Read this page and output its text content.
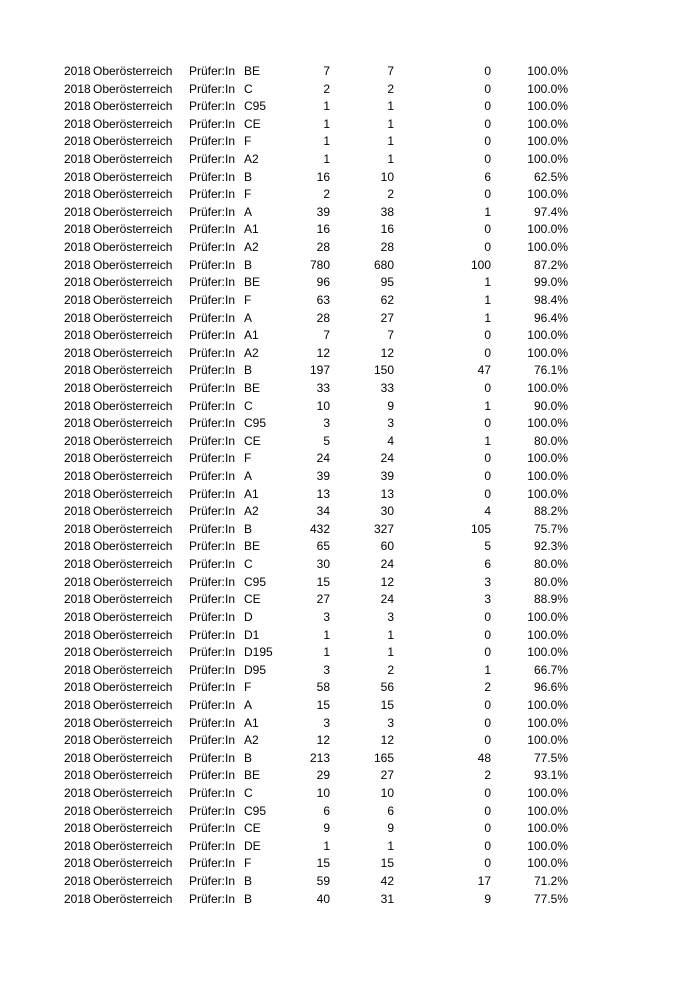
2018 Oberösterreich Prüfer:In BE	7	7	0	100.0%
2018 Oberösterreich Prüfer:In C	2	2	0	100.0%
2018 Oberösterreich Prüfer:In C95	1	1	0	100.0%
2018 Oberösterreich Prüfer:In CE	1	1	0	100.0%
2018 Oberösterreich Prüfer:In F	1	1	0	100.0%
2018 Oberösterreich Prüfer:In A2	1	1	0	100.0%
2018 Oberösterreich Prüfer:In B	16	10	6	62.5%
2018 Oberösterreich Prüfer:In F	2	2	0	100.0%
2018 Oberösterreich Prüfer:In A	39	38	1	97.4%
2018 Oberösterreich Prüfer:In A1	16	16	0	100.0%
2018 Oberösterreich Prüfer:In A2	28	28	0	100.0%
2018 Oberösterreich Prüfer:In B	780	680	100	87.2%
2018 Oberösterreich Prüfer:In BE	96	95	1	99.0%
2018 Oberösterreich Prüfer:In F	63	62	1	98.4%
2018 Oberösterreich Prüfer:In A	28	27	1	96.4%
2018 Oberösterreich Prüfer:In A1	7	7	0	100.0%
2018 Oberösterreich Prüfer:In A2	12	12	0	100.0%
2018 Oberösterreich Prüfer:In B	197	150	47	76.1%
2018 Oberösterreich Prüfer:In BE	33	33	0	100.0%
2018 Oberösterreich Prüfer:In C	10	9	1	90.0%
2018 Oberösterreich Prüfer:In C95	3	3	0	100.0%
2018 Oberösterreich Prüfer:In CE	5	4	1	80.0%
2018 Oberösterreich Prüfer:In F	24	24	0	100.0%
2018 Oberösterreich Prüfer:In A	39	39	0	100.0%
2018 Oberösterreich Prüfer:In A1	13	13	0	100.0%
2018 Oberösterreich Prüfer:In A2	34	30	4	88.2%
2018 Oberösterreich Prüfer:In B	432	327	105	75.7%
2018 Oberösterreich Prüfer:In BE	65	60	5	92.3%
2018 Oberösterreich Prüfer:In C	30	24	6	80.0%
2018 Oberösterreich Prüfer:In C95	15	12	3	80.0%
2018 Oberösterreich Prüfer:In CE	27	24	3	88.9%
2018 Oberösterreich Prüfer:In D	3	3	0	100.0%
2018 Oberösterreich Prüfer:In D1	1	1	0	100.0%
2018 Oberösterreich Prüfer:In D195	1	1	0	100.0%
2018 Oberösterreich Prüfer:In D95	3	2	1	66.7%
2018 Oberösterreich Prüfer:In F	58	56	2	96.6%
2018 Oberösterreich Prüfer:In A	15	15	0	100.0%
2018 Oberösterreich Prüfer:In A1	3	3	0	100.0%
2018 Oberösterreich Prüfer:In A2	12	12	0	100.0%
2018 Oberösterreich Prüfer:In B	213	165	48	77.5%
2018 Oberösterreich Prüfer:In BE	29	27	2	93.1%
2018 Oberösterreich Prüfer:In C	10	10	0	100.0%
2018 Oberösterreich Prüfer:In C95	6	6	0	100.0%
2018 Oberösterreich Prüfer:In CE	9	9	0	100.0%
2018 Oberösterreich Prüfer:In DE	1	1	0	100.0%
2018 Oberösterreich Prüfer:In F	15	15	0	100.0%
2018 Oberösterreich Prüfer:In B	59	42	17	71.2%
2018 Oberösterreich Prüfer:In B	40	31	9	77.5%
